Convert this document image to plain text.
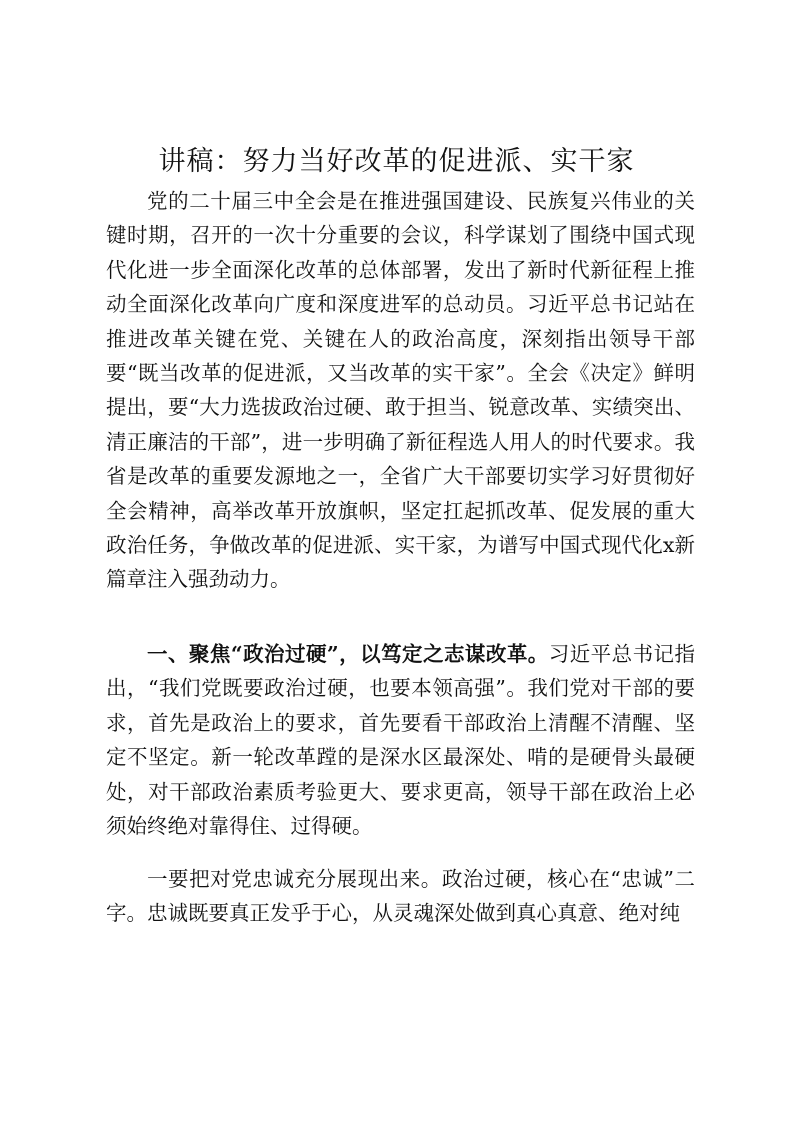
讲稿：努力当好改革的促进派、实干家

党的二十届三中全会是在推进强国建设、民族复兴伟业的关键时期，召开的一次十分重要的会议，科学谋划了围绕中国式现代化进一步全面深化改革的总体部署，发出了新时代新征程上推动全面深化改革向广度和深度进军的总动员。习近平总书记站在推进改革关键在党、关键在人的政治高度，深刻指出领导干部要“既当改革的促进派，又当改革的实干家”。全会《决定》鲜明提出，要“大力选拔政治过硬、敢于担当、锐意改革、实绩突出、清正廉洁的干部”，进一步明确了新征程选人用人的时代要求。我省是改革的重要发源地之一，全省广大干部要切实学习好贯彻好全会精神，高举改革开放旗帜，坚定扛起抓改革、促发展的重大政治任务，争做改革的促进派、实干家，为谱写中国式现代化x新篇章注入强劲动力。

一、聚焦“政治过硬”，以笃定之志谋改革。习近平总书记指出，“我们党既要政治过硬，也要本领高强”。我们党对干部的要求，首先是政治上的要求，首先要看干部政治上清醒不清醒、坚定不坚定。新一轮改革蹚的是深水区最深处、啃的是硬骨头最硬处，对干部政治素质考验更大、要求更高，领导干部在政治上必须始终绝对靠得住、过得硬。

一要把对党忠诚充分展现出来。政治过硬，核心在“忠诚”二字。忠诚既要真正发乎于心，从灵魂深处做到真心真意、绝对纯
